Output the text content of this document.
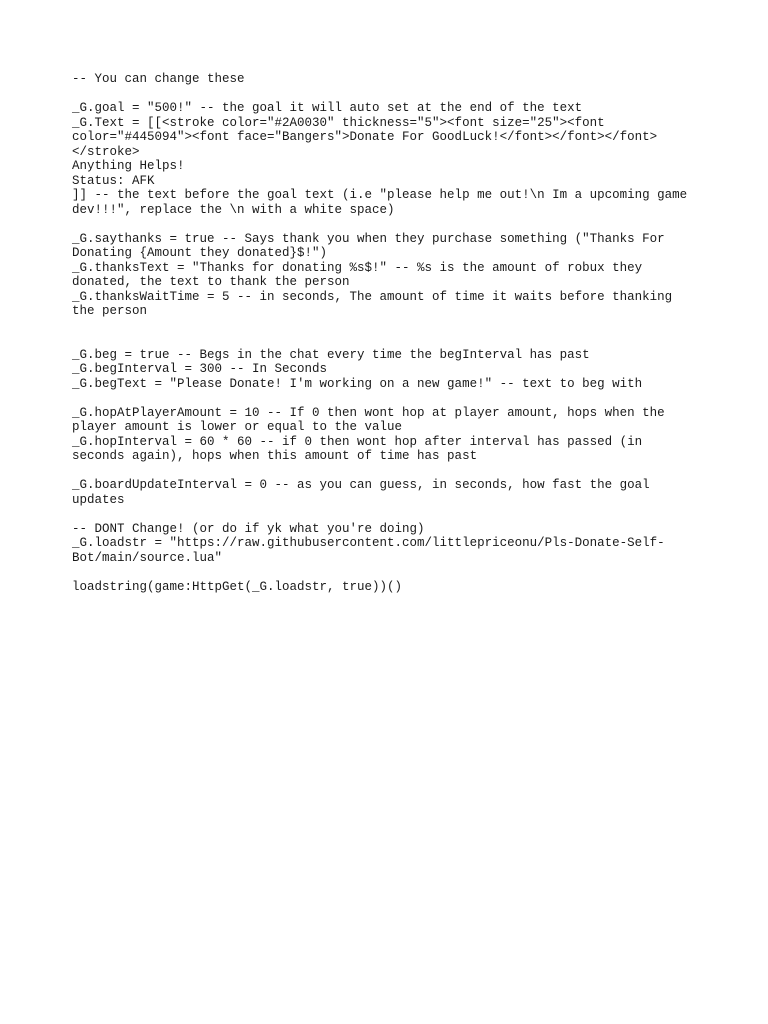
-- You can change these
_G.goal = "500!" -- the goal it will auto set at the end of the text
_G.Text = [[<stroke color="#2A0030" thickness="5"><font size="25"><font color="#445094"><font face="Bangers">Donate For GoodLuck!</font></font></font></stroke>
Anything Helps!
Status: AFK
]] -- the text before the goal text (i.e "please help me out!\n Im a upcoming game dev!!!", replace the \n with a white space)
_G.saythanks = true -- Says thank you when they purchase something ("Thanks For Donating {Amount they donated}$!")
_G.thanksText = "Thanks for donating %s$!" -- %s is the amount of robux they donated, the text to thank the person
_G.thanksWaitTime = 5 -- in seconds, The amount of time it waits before thanking the person
_G.beg = true -- Begs in the chat every time the begInterval has past
_G.begInterval = 300 -- In Seconds
_G.begText = "Please Donate! I'm working on a new game!" -- text to beg with
_G.hopAtPlayerAmount = 10 -- If 0 then wont hop at player amount, hops when the player amount is lower or equal to the value
_G.hopInterval = 60 * 60 -- if 0 then wont hop after interval has passed (in seconds again), hops when this amount of time has past
_G.boardUpdateInterval = 0 -- as you can guess, in seconds, how fast the goal updates
-- DONT Change! (or do if yk what you're doing)
_G.loadstr = "https://raw.githubusercontent.com/littlepriceonu/Pls-Donate-Self-Bot/main/source.lua"
loadstring(game:HttpGet(_G.loadstr, true))()
